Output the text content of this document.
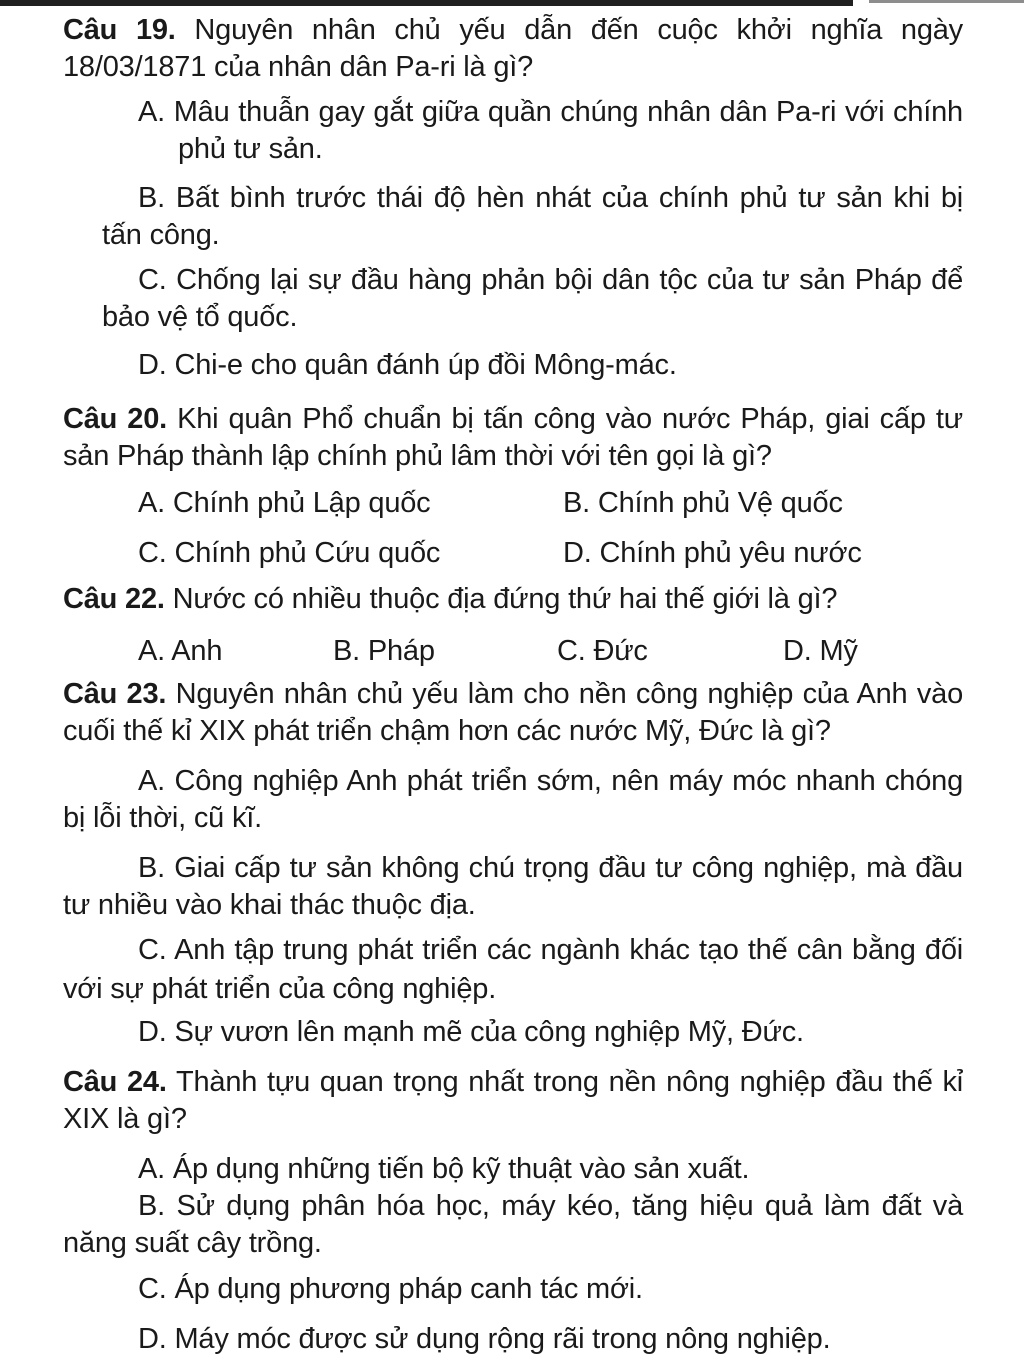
Câu 19. Nguyên nhân chủ yếu dẫn đến cuộc khởi nghĩa ngày
18/03/1871 của nhân dân Pa-ri là gì?
A. Mâu thuẫn gay gắt giữa quần chúng nhân dân Pa-ri với chính
phủ tư sản.
B. Bất bình trước thái độ hèn nhát của chính phủ tư sản khi bị
tấn công.
C. Chống lại sự đầu hàng phản bội dân tộc của tư sản Pháp để
bảo vệ tổ quốc.
D. Chi-e cho quân đánh úp đồi Mông-mác.
Câu 20. Khi quân Phổ chuẩn bị tấn công vào nước Pháp, giai cấp tư
sản Pháp thành lập chính phủ lâm thời với tên gọi là gì?
A. Chính phủ Lập quốc	B. Chính phủ Vệ quốc
C. Chính phủ Cứu quốc	D. Chính phủ yêu nước
Câu 22. Nước có nhiều thuộc địa đứng thứ hai thế giới là gì?
A. Anh	B. Pháp	C. Đức	D. Mỹ
Câu 23. Nguyên nhân chủ yếu làm cho nền công nghiệp của Anh vào
cuối thế kỉ XIX phát triển chậm hơn các nước Mỹ, Đức là gì?
A. Công nghiệp Anh phát triển sớm, nên máy móc nhanh chóng
bị lỗi thời, cũ kĩ.
B. Giai cấp tư sản không chú trọng đầu tư công nghiệp, mà đầu
tư nhiều vào khai thác thuộc địa.
C. Anh tập trung phát triển các ngành khác tạo thế cân bằng đối
với sự phát triển của công nghiệp.
D. Sự vươn lên mạnh mẽ của công nghiệp Mỹ, Đức.
Câu 24. Thành tựu quan trọng nhất trong nền nông nghiệp đầu thế kỉ
XIX là gì?
A. Áp dụng những tiến bộ kỹ thuật vào sản xuất.
B. Sử dụng phân hóa học, máy kéo, tăng hiệu quả làm đất và
năng suất cây trồng.
C. Áp dụng phương pháp canh tác mới.
D. Máy móc được sử dụng rộng rãi trong nông nghiệp.
